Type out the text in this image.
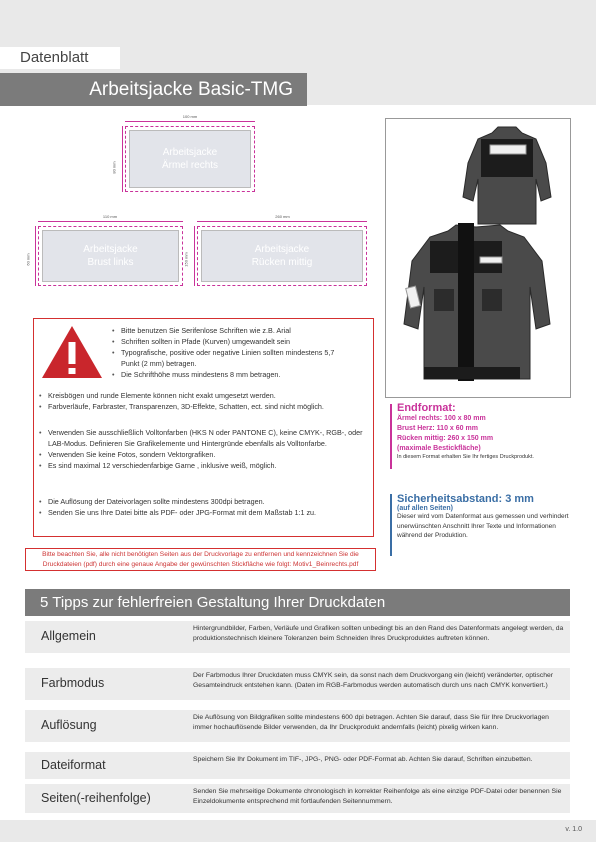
Datenblatt
Arbeitsjacke Basic-TMG
100 mm
80 mm
Arbeitsjacke
Ärmel rechts
110 mm
60 mm
Arbeitsjacke
Brust links
260 mm
150 mm
Arbeitsjacke
Rücken mittig
• Bitte benutzen Sie Serifenlose Schriften wie z.B. Arial
• Schriften sollten in Pfade (Kurven) umgewandelt sein
• Typografische, positive oder negative Linien sollten mindestens 5,7 Punkt (2 mm) betragen.
• Die Schrifthöhe muss mindestens 8 mm betragen.
• Kreisbögen und runde Elemente können nicht exakt umgesetzt werden.
• Farbverläufe, Farbraster, Transparenzen, 3D-Effekte, Schatten, ect. sind nicht möglich.
• Verwenden Sie ausschließlich Volltonfarben (HKS N oder PANTONE C), keine CMYK-, RGB-, oder LAB-Modus. Definieren Sie Grafikelemente und Hintergründe ebenfalls als Volltonfarbe.
• Verwenden Sie keine Fotos, sondern Vektorgrafiken.
• Es sind maximal 12 verschiedenfarbige Garne , inklusive weiß, möglich.
• Die Auflösung der Dateivorlagen sollte mindestens 300dpi betragen.
• Senden Sie uns Ihre Datei bitte als PDF- oder JPG-Format mit dem Maßstab 1:1 zu.
Bitte beachten Sie, alle nicht benötigten Seiten aus der Druckvorlage zu entfernen und kennzeichnen Sie die Druckdateien (pdf) durch eine genaue Angabe der gewünschten Stickfläche wie folgt: Motiv1_Beinrechts.pdf
Endformat:
Ärmel rechts: 100 x 80 mm
Brust Herz: 110 x 60 mm
Rücken mittig: 260 x 150 mm
(maximale Bestickfläche)
In diesem Format erhalten Sie Ihr fertiges Druckprodukt.
Sicherheitsabstand: 3 mm
(auf allen Seiten)
Dieser wird vom Datenformat aus gemessen und verhindert unerwünschten Anschnitt Ihrer Texte und Informationen während der Produktion.
5 Tipps zur fehlerfreien Gestaltung Ihrer Druckdaten
Allgemein
Hintergrundbilder, Farben, Verläufe und Grafiken sollten unbedingt bis an den Rand des Datenformats angelegt werden, da produktionstechnisch kleinere Toleranzen beim Schneiden Ihres Druckproduktes auftreten können.
Farbmodus
Der Farbmodus Ihrer Druckdaten muss CMYK sein, da sonst nach dem Druckvorgang ein (leicht) veränderter, optischer Gesamteindruck entstehen kann. (Daten im RGB-Farbmodus werden automatisch durch uns nach CMYK konvertiert.)
Auflösung
Die Auflösung von Bildgrafiken sollte mindestens 600 dpi betragen. Achten Sie darauf, dass Sie für Ihre Druckvorlagen immer hochauflösende Bilder verwenden, da Ihr Druckprodukt andernfalls (leicht) pixelig wirken kann.
Dateiformat	Speichern Sie Ihr Dokument im TIF-, JPG-, PNG- oder PDF-Format ab. Achten Sie darauf, Schriften einzubetten.
Seiten(-reihenfolge)	Senden Sie mehrseitige Dokumente chronologisch in korrekter Reihenfolge als eine einzige PDF-Datei oder benennen Sie Einzeldokumente entsprechend mit fortlaufenden Seitennummern.
v. 1.0
